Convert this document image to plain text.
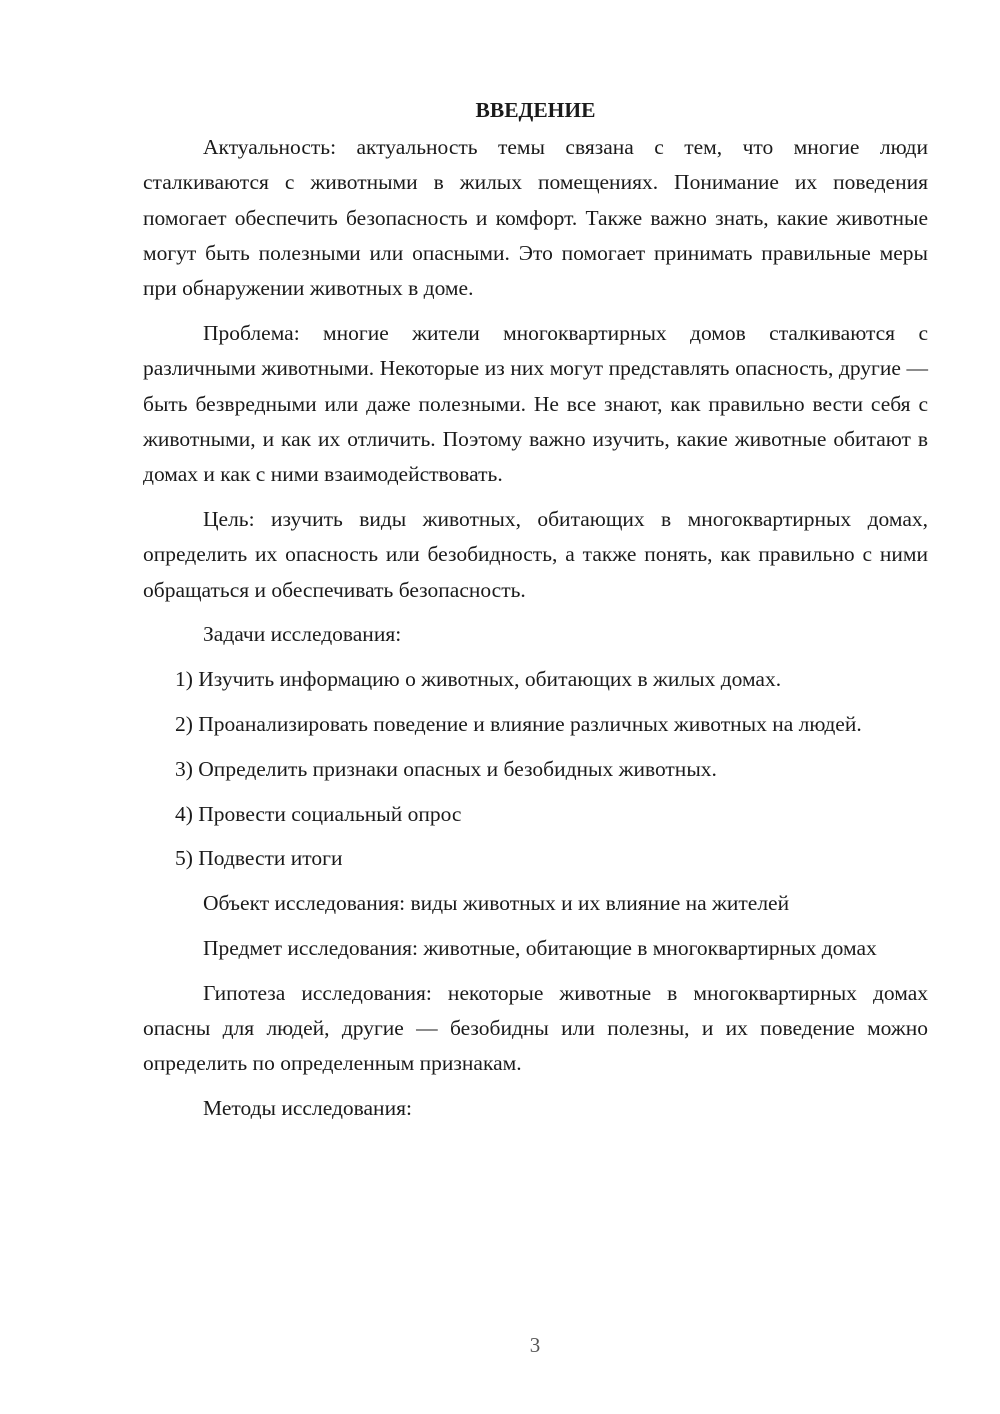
ВВЕДЕНИЕ

Актуальность: актуальность темы связана с тем, что многие люди сталкиваются с животными в жилых помещениях. Понимание их поведения помогает обеспечить безопасность и комфорт. Также важно знать, какие животные могут быть полезными или опасными. Это помогает принимать правильные меры при обнаружении животных в доме.

Проблема: многие жители многоквартирных домов сталкиваются с различными животными. Некоторые из них могут представлять опасность, другие — быть безвредными или даже полезными. Не все знают, как правильно вести себя с животными, и как их отличить. Поэтому важно изучить, какие животные обитают в домах и как с ними взаимодействовать.

Цель: изучить виды животных, обитающих в многоквартирных домах, определить их опасность или безобидность, а также понять, как правильно с ними обращаться и обеспечивать безопасность.

Задачи исследования:

1) Изучить информацию о животных, обитающих в жилых домах.

2) Проанализировать поведение и влияние различных животных на людей.

3) Определить признаки опасных и безобидных животных.

4) Провести социальный опрос

5) Подвести итоги

Объект исследования: виды животных и их влияние на жителей

Предмет исследования: животные, обитающие в многоквартирных домах

Гипотеза исследования: некоторые животные в многоквартирных домах опасны для людей, другие — безобидны или полезны, и их поведение можно определить по определенным признакам.

Методы исследования:

3
